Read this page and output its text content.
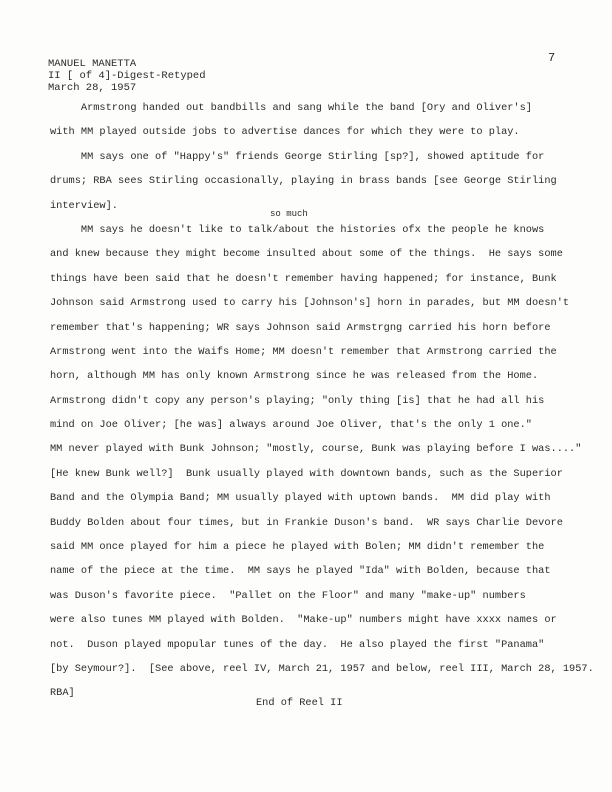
MANUEL MANETTA
II [ of 4]-Digest-Retyped
March 28, 1957
7
so much
Armstrong handed out bandbills and sang while the band [Ory and Oliver's]
with MM played outside jobs to advertise dances for which they were to play.
MM says one of "Happy's" friends George Stirling [sp?], showed aptitude for
drums; RBA sees Stirling occasionally, playing in brass bands [see George Stirling
interview].
MM says he doesn't like to talk/about the histories ofx the people he knows
and knew because they might become insulted about some of the things.  He says some
things have been said that he doesn't remember having happened; for instance, Bunk
Johnson said Armstrong used to carry his [Johnson's] horn in parades, but MM doesn't
remember that's happening; WR says Johnson said Armstrgng carried his horn before
Armstrong went into the Waifs Home; MM doesn't remember that Armstrong carried the
horn, although MM has only known Armstrong since he was released from the Home.
Armstrong didn't copy any person's playing; "only thing [is] that he had all his
mind on Joe Oliver; [he was] always around Joe Oliver, that's the only 1 one."
MM never played with Bunk Johnson; "mostly, course, Bunk was playing before I was...."
[He knew Bunk well?]  Bunk usually played with downtown bands, such as the Superior
Band and the Olympia Band; MM usually played with uptown bands.  MM did play with
Buddy Bolden about four times, but in Frankie Duson's band.  WR says Charlie Devore
said MM once played for him a piece he played with Bolen; MM didn't remember the
name of the piece at the time.  MM says he played "Ida" with Bolden, because that
was Duson's favorite piece.  "Pallet on the Floor" and many "make-up" numbers
were also tunes MM played with Bolden.  "Make-up" numbers might have xxxx names or
not.  Duson played mpopular tunes of the day.  He also played the first "Panama"
[by Seymour?].  [See above, reel IV, March 21, 1957 and below, reel III, March 28, 1957.
RBA]
End of Reel II
